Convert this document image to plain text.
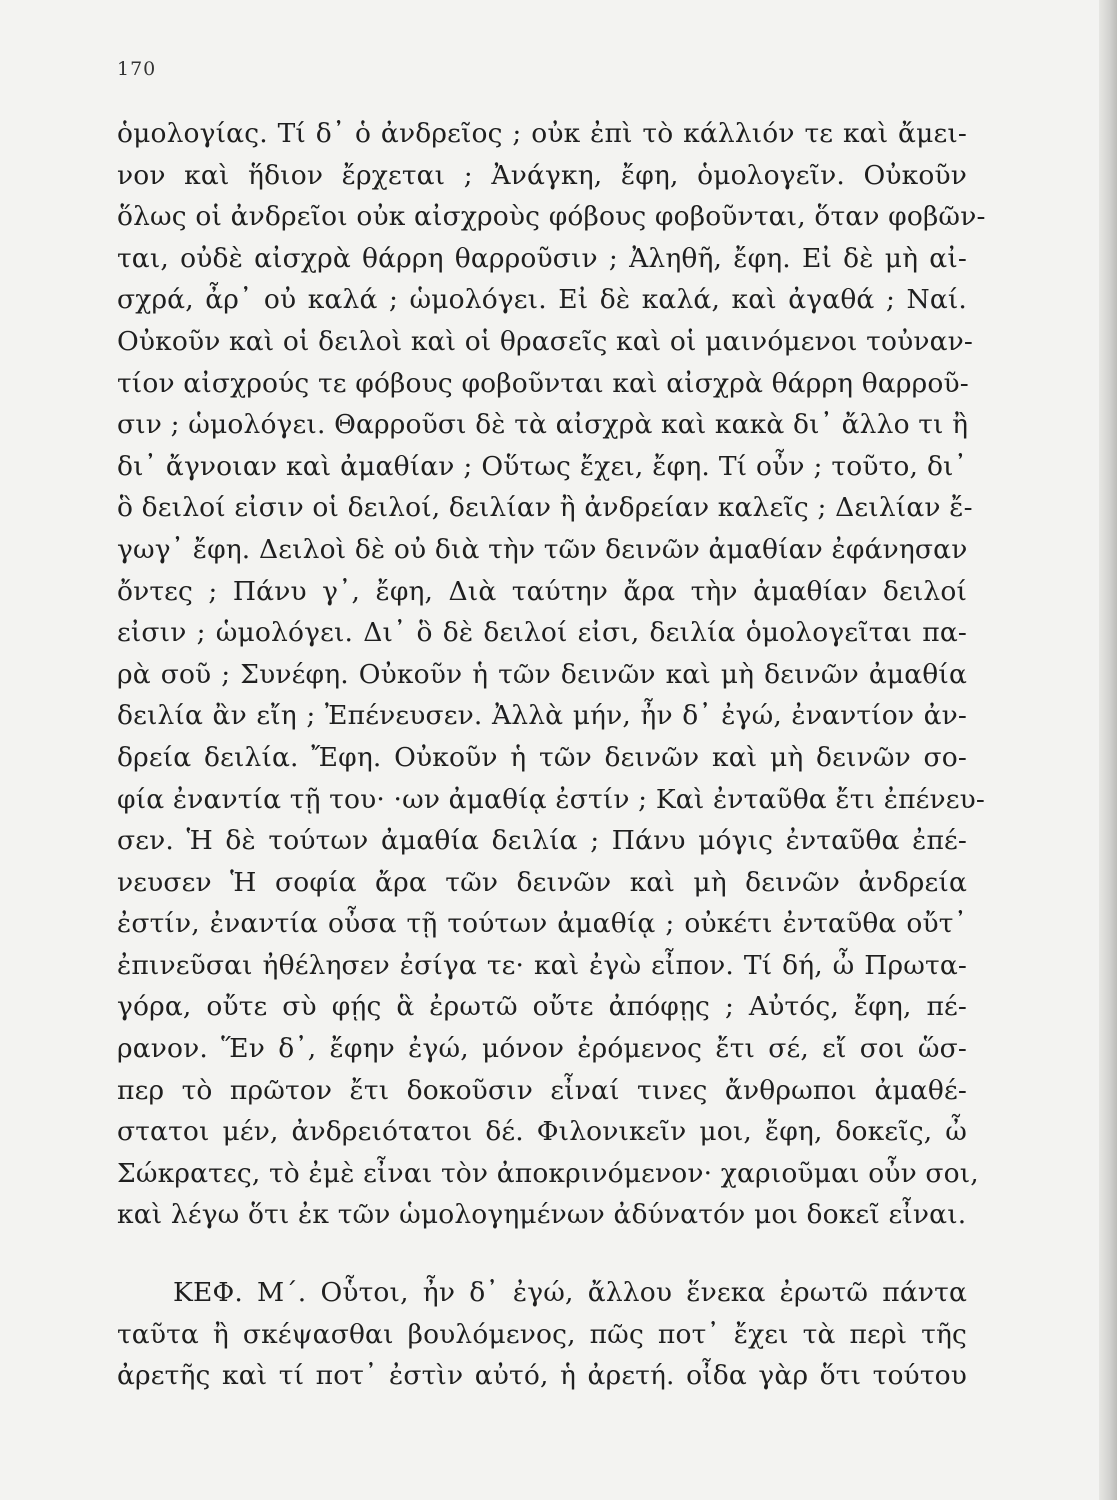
170
ὁμολογίας. Τί δ᾽ ὁ ἀνδρεῖος ; οὐκ ἐπὶ τὸ κάλλιόν τε καὶ ἄμει-
νον καὶ ἥδιον ἔρχεται ; Ἀνάγκη, ἔφη, ὁμολογεῖν. Οὐκοῦν
ὅλως οἱ ἀνδρεῖοι οὐκ αἰσχροὺς φόβους φοβοῦνται, ὅταν φοβῶν-
ται, οὐδὲ αἰσχρὰ θάρρη θαρροῦσιν ; Ἀληθῆ, ἔφη. Εἰ δὲ μὴ αἰ-
σχρά, ἆρ᾽ οὐ καλά ; ὡμολόγει. Εἰ δὲ καλά, καὶ ἀγαθά ; Ναί.
Οὐκοῦν καὶ οἱ δειλοὶ καὶ οἱ θρασεῖς καὶ οἱ μαινόμενοι τοὐναν-
τίον αἰσχρούς τε φόβους φοβοῦνται καὶ αἰσχρὰ θάρρη θαρροῦ-
σιν ; ὡμολόγει. Θαρροῦσι δὲ τὰ αἰσχρὰ καὶ κακὰ δι᾽ ἄλλο τι ἢ
δι᾽ ἄγνοιαν καὶ ἀμαθίαν ; Οὕτως ἔχει, ἔφη. Τί οὖν ; τοῦτο, δι᾽
ὃ δειλοί εἰσιν οἱ δειλοί, δειλίαν ἢ ἀνδρείαν καλεῖς ; Δειλίαν ἔ-
γωγ᾽ ἔφη. Δειλοὶ δὲ οὐ διὰ τὴν τῶν δεινῶν ἀμαθίαν ἐφάνησαν
ὄντες ; Πάνυ γ᾽, ἔφη, Διὰ ταύτην ἄρα τὴν ἀμαθίαν δειλοί
εἰσιν ; ὡμολόγει. Δι᾽ ὃ δὲ δειλοί εἰσι, δειλία ὁμολογεῖται πα-
ρὰ σοῦ ; Συνέφη. Οὐκοῦν ἡ τῶν δεινῶν καὶ μὴ δεινῶν ἀμαθία
δειλία ἂν εἴη ; Ἐπένευσεν. Ἀλλὰ μήν, ἦν δ᾽ ἐγώ, ἐναντίον ἀν-
δρεία δειλία. Ἔφη. Οὐκοῦν ἡ τῶν δεινῶν καὶ μὴ δεινῶν σο-
φία ἐναντία τῇ του· ·ων ἀμαθίᾳ ἐστίν ; Καὶ ἐνταῦθα ἔτι ἐπένευ-
σεν. Ἡ δὲ τούτων ἀμαθία δειλία ; Πάνυ μόγις ἐνταῦθα ἐπέ-
νευσεν Ἡ σοφία ἄρα τῶν δεινῶν καὶ μὴ δεινῶν ἀνδρεία
ἐστίν, ἐναντία οὖσα τῇ τούτων ἀμαθίᾳ ; οὐκέτι ἐνταῦθα οὔτ᾽
ἐπινεῦσαι ἠθέλησεν ἐσίγα τε· καὶ ἐγὼ εἶπον. Τί δή, ὦ Πρωτα-
γόρα, οὔτε σὺ φῄς ἃ ἐρωτῶ οὔτε ἀπόφῃς ; Αὐτός, ἔφη, πέ-
ρανον. Ἕν δ᾽, ἔφην ἐγώ, μόνον ἐρόμενος ἔτι σέ, εἴ σοι ὥσ-
περ τὸ πρῶτον ἔτι δοκοῦσιν εἶναί τινες ἄνθρωποι ἀμαθέ-
στατοι μέν, ἀνδρειότατοι δέ. Φιλονικεῖν μοι, ἔφη, δοκεῖς, ὦ
Σώκρατες, τὸ ἐμὲ εἶναι τὸν ἀποκρινόμενον· χαριοῦμαι οὖν σοι,
καὶ λέγω ὅτι ἐκ τῶν ὡμολογημένων ἀδύνατόν μοι δοκεῖ εἶναι.
ΚΕΦ. Μ΄. Οὗτοι, ἦν δ᾽ ἐγώ, ἄλλου ἕνεκα ἐρωτῶ πάντα
ταῦτα ἢ σκέψασθαι βουλόμενος, πῶς ποτ᾽ ἔχει τὰ περὶ τῆς
ἀρετῆς καὶ τί ποτ᾽ ἐστὶν αὐτό, ἡ ἀρετή. οἶδα γὰρ ὅτι τούτου
